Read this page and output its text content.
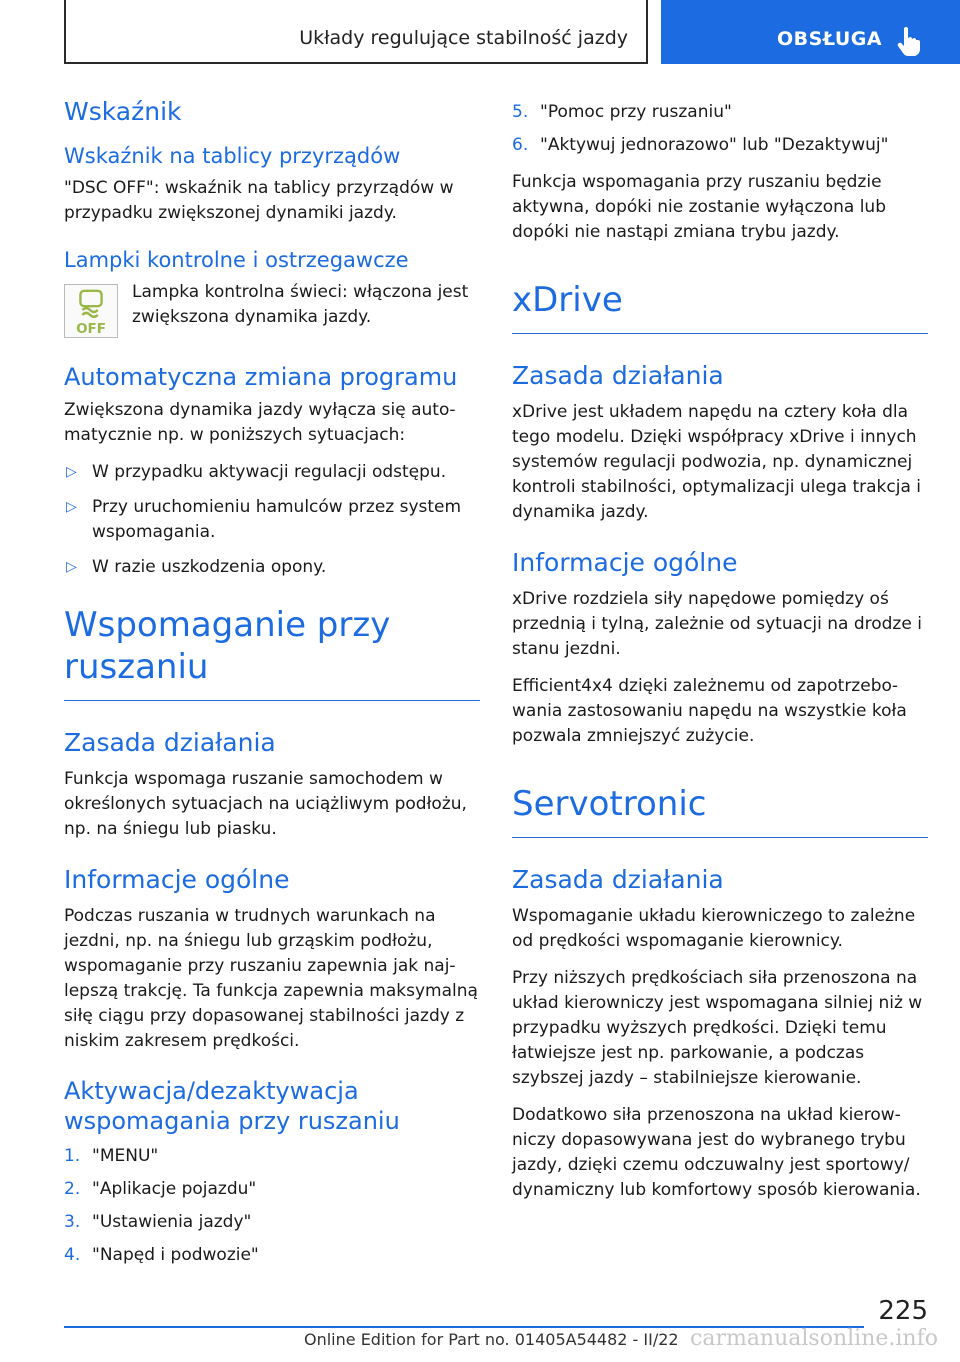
Układy regulujące stabilność jazdy	OBSŁUGA
Wskaźnik
Wskaźnik na tablicy przyrządów

"DSC OFF": wskaźnik na tablicy przyrządów w przypadku zwiększonej dynamiki jazdy.

Lampki kontrolne i ostrzegawcze
OFF

Lampka kontrolna świeci: włączona jest zwiększona dynamika jazdy.

Automatyczna zmiana programu

Zwiększona dynamika jazdy wyłącza się automatycznie np. w poniższych sytuacjach:

▷ W przypadku aktywacji regulacji odstępu.
▷ Przy uruchomieniu hamulców przez system wspomagania.
▷ W razie uszkodzenia opony.
Wspomaganie przy ruszaniu
Zasada działania

Funkcja wspomaga ruszanie samochodem w określonych sytuacjach na uciążliwym podłożu, np. na śniegu lub piasku.

Informacje ogólne

Podczas ruszania w trudnych warunkach na jezdni, np. na śniegu lub grząskim podłożu, wspomaganie przy ruszaniu zapewnia jak najlepszą trakcję. Ta funkcja zapewnia maksymalną siłę ciągu przy dopasowanej stabilności jazdy z niskim zakresem prędkości.

Aktywacja/dezaktywacja wspomagania przy ruszaniu
1. "MENU"
2. "Aplikacje pojazdu"
3. "Ustawienia jazdy"
4. "Napęd i podwozie"
5. "Pomoc przy ruszaniu"
6. "Aktywuj jednorazowo" lub "Dezaktywuj"

Funkcja wspomagania przy ruszaniu będzie aktywna, dopóki nie zostanie wyłączona lub dopóki nie nastąpi zmiana trybu jazdy.

xDrive
Zasada działania

xDrive jest układem napędu na cztery koła dla tego modelu. Dzięki współpracy xDrive i innych systemów regulacji podwozia, np. dynamicznej kontroli stabilności, optymalizacji ulega trakcja i dynamika jazdy.

Informacje ogólne

xDrive rozdziela siły napędowe pomiędzy oś przednią i tylną, zależnie od sytuacji na drodze i stanu jezdni.

Efficient4x4 dzięki zależnemu od zapotrzebowania zastosowaniu napędu na wszystkie koła pozwala zmniejszyć zużycie.

Servotronic
Zasada działania

Wspomaganie układu kierowniczego to zależne od prędkości wspomaganie kierownicy.

Przy niższych prędkościach siła przenoszona na układ kierowniczy jest wspomagana silniej niż w przypadku wyższych prędkości. Dzięki temu łatwiejsze jest np. parkowanie, a podczas szybszej jazdy – stabilniejsze kierowanie.

Dodatkowo siła przenoszona na układ kierowniczy dopasowywana jest do wybranego trybu jazdy, dzięki czemu odczuwalny jest sportowy/ dynamiczny lub komfortowy sposób kierowania.

225
Online Edition for Part no. 01405A54482 - II/22 carmanualsonline.info
